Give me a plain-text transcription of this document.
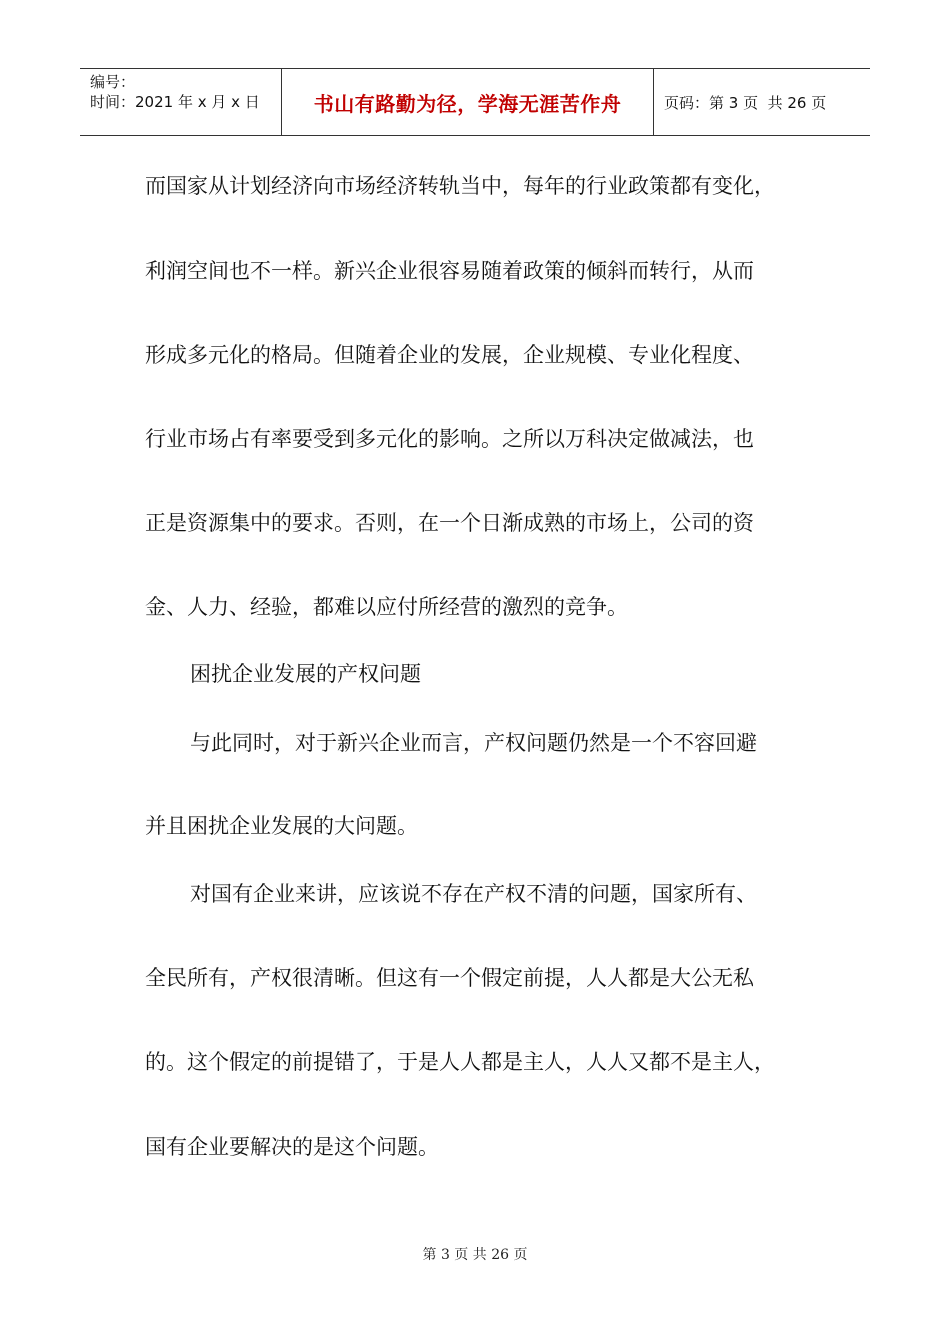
编号：
时间：2021 年 x 月 x 日	书山有路勤为径，学海无涯苦作舟	页码：第 3 页  共 26 页
而国家从计划经济向市场经济转轨当中，每年的行业政策都有变化，
利润空间也不一样。新兴企业很容易随着政策的倾斜而转行，从而
形成多元化的格局。但随着企业的发展，企业规模、专业化程度、
行业市场占有率要受到多元化的影响。之所以万科决定做减法，也
正是资源集中的要求。否则，在一个日渐成熟的市场上，公司的资
金、人力、经验，都难以应付所经营的激烈的竞争。
困扰企业发展的产权问题
与此同时，对于新兴企业而言，产权问题仍然是一个不容回避
并且困扰企业发展的大问题。
对国有企业来讲，应该说不存在产权不清的问题，国家所有、
全民所有，产权很清晰。但这有一个假定前提，人人都是大公无私
的。这个假定的前提错了，于是人人都是主人，人人又都不是主人，
国有企业要解决的是这个问题。
第 3 页 共 26 页
